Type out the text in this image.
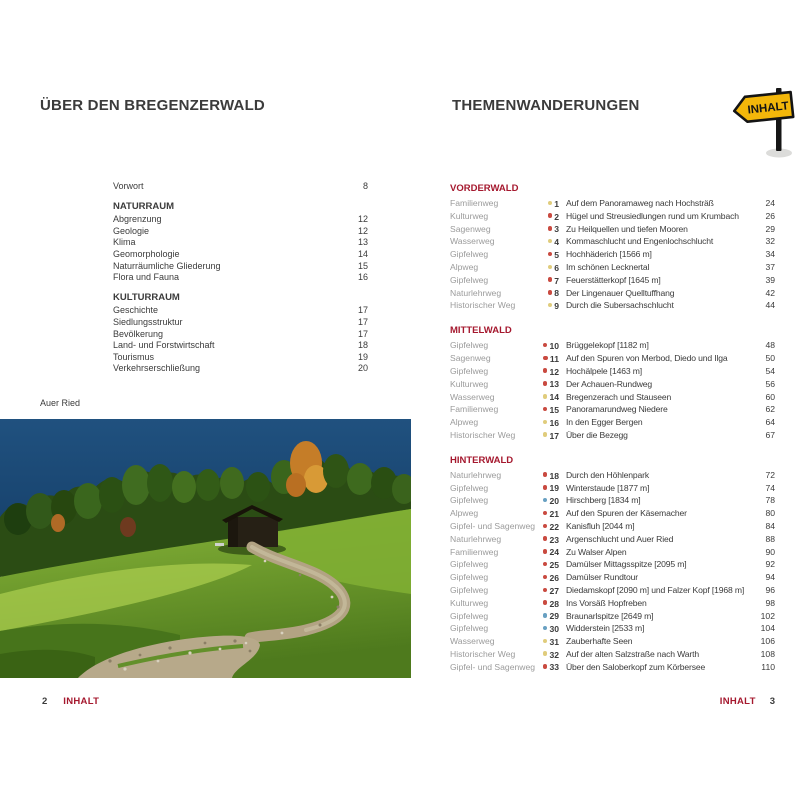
ÜBER DEN BREGENZERWALD
Vorwort	8
NATURRAUM
Abgrenzung	12
Geologie	12
Klima	13
Geomorphologie	14
Naturräumliche Gliederung	15
Flora und Fauna	16
KULTURRAUM
Geschichte	17
Siedlungsstruktur	17
Bevölkerung	17
Land- und Forstwirtschaft	18
Tourismus	19
Verkehrserschließung	20
Auer Ried
2 INHALT
THEMENWANDERUNGEN	INHALT
VORDERWALD
Familienweg	1 Auf dem Panoramaweg nach Hochsträß	24
Kulturweg	2 Hügel und Streusiedlungen rund um Krumbach	26
Sagenweg	3 Zu Heilquellen und tiefen Mooren	29
Wasserweg	4 Kommaschlucht und Engenlochschlucht	32
Gipfelweg	5 Hochhäderich [1566 m]	34
Alpweg	6 Im schönen Lecknertal	37
Gipfelweg	7 Feuerstätterkopf [1645 m]	39
Naturlehrweg	8 Der Lingenauer Quelltuffhang	42
Historischer Weg	9 Durch die Subersachschlucht	44
MITTELWALD
Gipfelweg	10 Brüggelekopf [1182 m]	48
Sagenweg	11 Auf den Spuren von Merbod, Diedo und Ilga	50
Gipfelweg	12 Hochälpele [1463 m]	54
Kulturweg	13 Der Achauen-Rundweg	56
Wasserweg	14 Bregenzerach und Stauseen	60
Familienweg	15 Panoramarundweg Niedere	62
Alpweg	16 In den Egger Bergen	64
Historischer Weg	17 Über die Bezegg	67
HINTERWALD
Naturlehrweg	18 Durch den Höhlenpark	72
Gipfelweg	19 Winterstaude [1877 m]	74
Gipfelweg	20 Hirschberg [1834 m]	78
Alpweg	21 Auf den Spuren der Käsemacher	80
Gipfel- und Sagenweg	22 Kanisfluh [2044 m]	84
Naturlehrweg	23 Argenschlucht und Auer Ried	88
Familienweg	24 Zu Walser Alpen	90
Gipfelweg	25 Damülser Mittagsspitze [2095 m]	92
Gipfelweg	26 Damülser Rundtour	94
Gipfelweg	27 Diedamskopf [2090 m] und Falzer Kopf [1968 m]	96
Kulturweg	28 Ins Vorsäß Hopfreben	98
Gipfelweg	29 Braunarlspitze [2649 m]	102
Gipfelweg	30 Widderstein [2533 m]	104
Wasserweg	31 Zauberhafte Seen	106
Historischer Weg	32 Auf der alten Salzstraße nach Warth	108
Gipfel- und Sagenweg	33 Über den Saloberkopf zum Körbersee	110
INHALT 3
